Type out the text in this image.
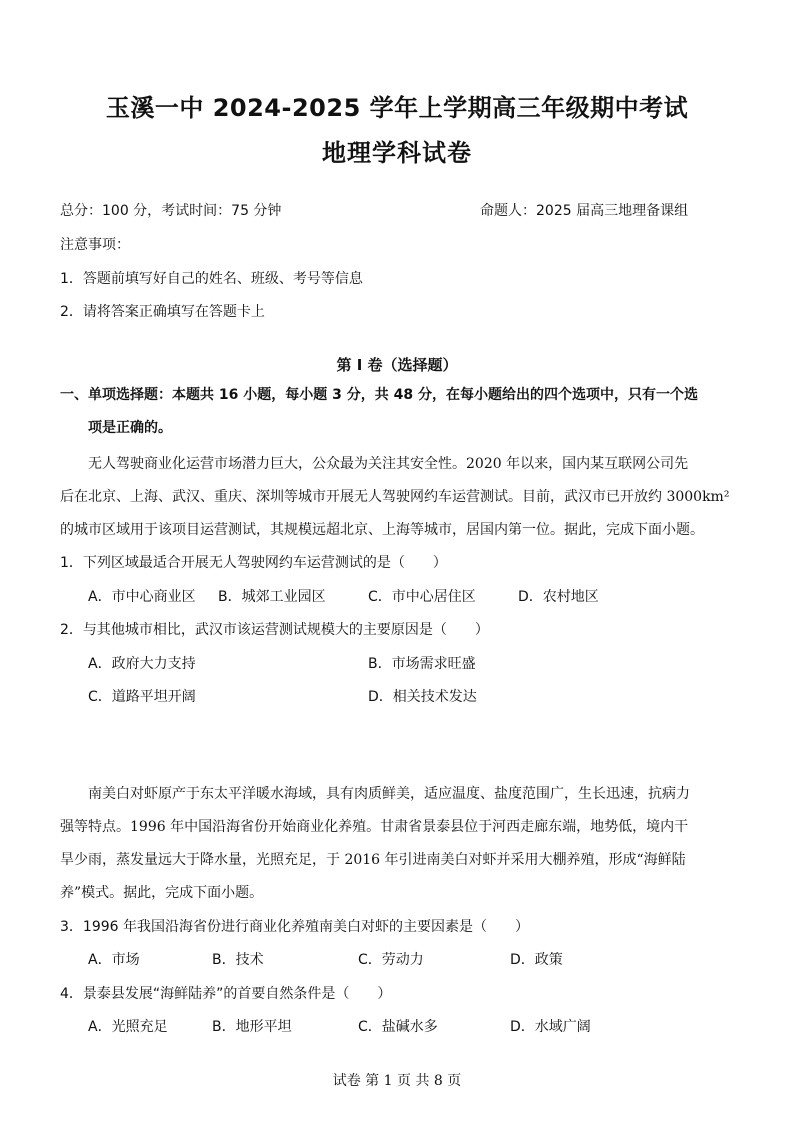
玉溪一中 2024-2025 学年上学期高三年级期中考试
地理学科试卷
总分：100 分，考试时间：75 分钟	命题人：2025 届高三地理备课组
注意事项：
1．答题前填写好自己的姓名、班级、考号等信息
2．请将答案正确填写在答题卡上
第 I 卷（选择题）
一、单项选择题：本题共 16 小题，每小题 3 分，共 48 分，在每小题给出的四个选项中，只有一个选
项是正确的。
无人驾驶商业化运营市场潜力巨大，公众最为关注其安全性。2020 年以来，国内某互联网公司先
后在北京、上海、武汉、重庆、深圳等城市开展无人驾驶网约车运营测试。目前，武汉市已开放约 3000km²
的城市区域用于该项目运营测试，其规模远超北京、上海等城市，居国内第一位。据此，完成下面小题。
1．下列区域最适合开展无人驾驶网约车运营测试的是（　　）
A．市中心商业区 B．城郊工业园区	C．市中心居住区	D．农村地区
2．与其他城市相比，武汉市该运营测试规模大的主要原因是（　　）
A．政府大力支持	B．市场需求旺盛
C．道路平坦开阔	D．相关技术发达
南美白对虾原产于东太平洋暖水海域，具有肉质鲜美，适应温度、盐度范围广，生长迅速，抗病力
强等特点。1996 年中国沿海省份开始商业化养殖。甘肃省景泰县位于河西走廊东端，地势低，境内干
旱少雨，蒸发量远大于降水量，光照充足，于 2016 年引进南美白对虾并采用大棚养殖，形成“海鲜陆
养”模式。据此，完成下面小题。
3．1996 年我国沿海省份进行商业化养殖南美白对虾的主要因素是（　　）
A．市场	B．技术	C．劳动力	D．政策
4．景泰县发展“海鲜陆养”的首要自然条件是（　　）
A．光照充足	B．地形平坦	C．盐碱水多	D．水域广阔
试卷 第 1 页 共 8 页
